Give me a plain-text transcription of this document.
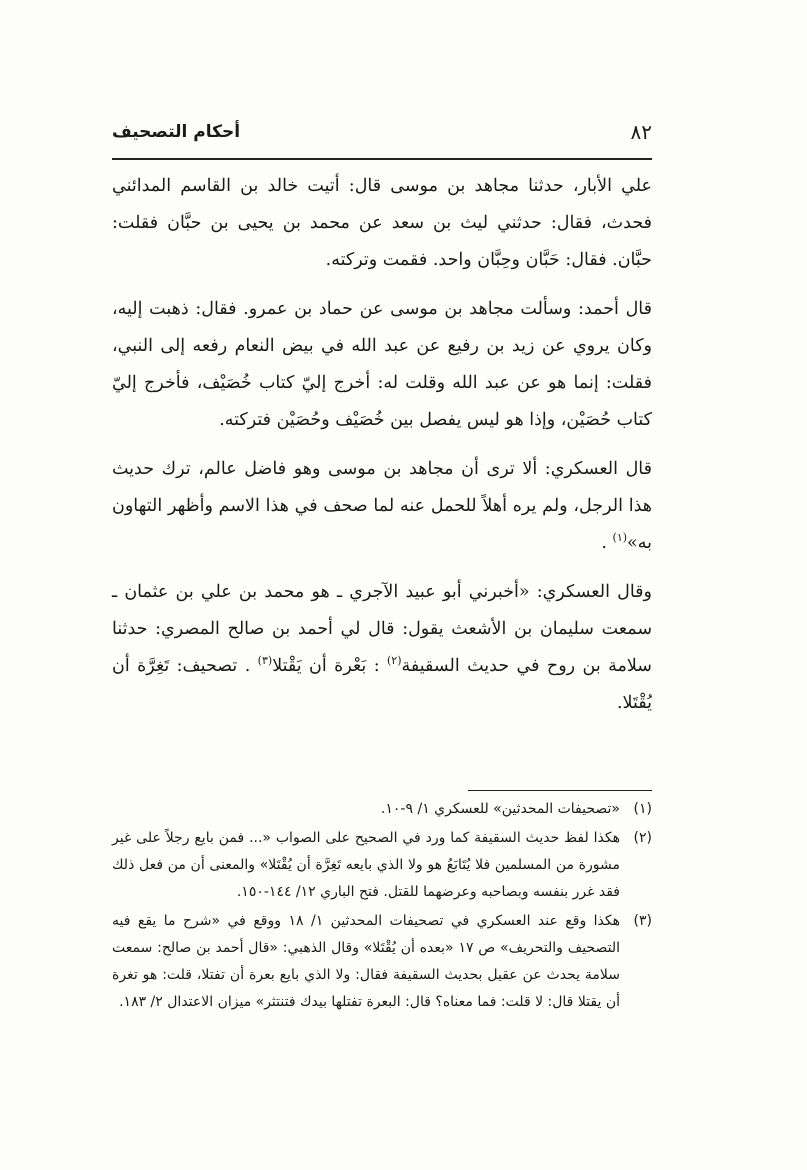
٨٢
أحكام التصحيف

علي الأبار، حدثنا مجاهد بن موسى قال: أتيت خالد بن القاسم المدائني فحدث، فقال: حدثني ليث بن سعد عن محمد بن يحيى بن حبَّان فقلت: حبَّان. فقال: حَبَّان وحِبَّان واحد. فقمت وتركته.

قال أحمد: وسألت مجاهد بن موسى عن حماد بن عمرو. فقال: ذهبت إليه، وكان يروي عن زيد بن رفيع عن عبد الله في بيض النعام رفعه إلى النبي، فقلت: إنما هو عن عبد الله وقلت له: أخرج إليّ كتاب خُصَيْف، فأخرج إليّ كتاب حُصَيْن، وإذا هو ليس يفصل بين خُصَيْف وحُصَيْن فتركته.

قال العسكري: ألا ترى أن مجاهد بن موسى وهو فاضل عالم، ترك حديث هذا الرجل، ولم يره أهلاً للحمل عنه لما صحف في هذا الاسم وأظهر التهاون به»$^{(١)}$ .

وقال العسكري: «أخبرني أبو عبيد الآجري ـ هو محمد بن علي بن عثمان ـ سمعت سليمان بن الأشعث يقول: قال لي أحمد بن صالح المصري: حدثنا سلامة بن روح في حديث السقيفة$^{(٢)}$ : بَعْرة أن يَقْتلا$^{(٣)}$ . تصحيف: تَغِرَّة أن يُقْتَلا.

(١)
«تصحيفات المحدثين» للعسكري ١/ ٩-١٠.
(٢)
هكذا لفظ حديث السقيفة كما ورد في الصحيح على الصواب «... فمن بايع رجلاً على غير مشورة من المسلمين فلا يُتَابَعُ هو ولا الذي بايعه تَغِرَّة أن يُقْتَلا» والمعنى أن من فعل ذلك فقد غرر بنفسه وبصاحبه وعرضهما للقتل. فتح الباري ١٢/ ١٤٤-١٥٠.
(٣)
هكذا وقع عند العسكري في تصحيفات المحدثين ١/ ١٨ ووقع في «شرح ما يقع فيه التصحيف والتحريف» ص ١٧ «بعده أن يُقْتَلا» وقال الذهبي: «قال أحمد بن صالح: سمعت سلامة يحدث عن عقيل بحديث السقيفة فقال: ولا الذي بايع بعرة أن تفتلا، قلت: هو تغرة أن يقتلا قال: لا قلت: فما معناه؟ قال: البعرة تفتلها بيدك فتنتثر» ميزان الاعتدال ٢/ ١٨٣.
